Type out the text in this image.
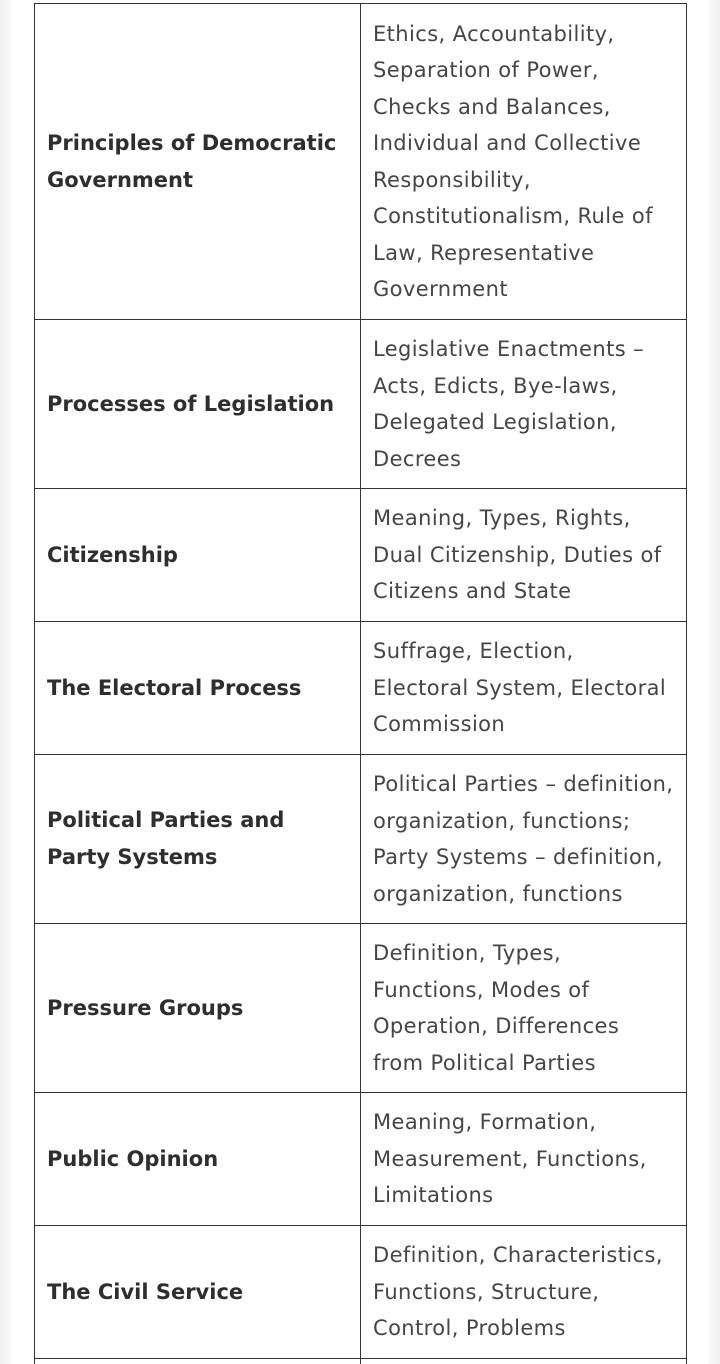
Principles of Democratic Government	Ethics, Accountability, Separation of Power, Checks and Balances, Individual and Collective Responsibility, Constitutionalism, Rule of Law, Representative Government

Processes of Legislation	Legislative Enactments – Acts, Edicts, Bye-laws, Delegated Legislation, Decrees

Citizenship	Meaning, Types, Rights, Dual Citizenship, Duties of Citizens and State

The Electoral Process	Suffrage, Election, Electoral System, Electoral Commission

Political Parties and Party Systems	Political Parties – definition, organization, functions; Party Systems – definition, organization, functions

Pressure Groups	Definition, Types, Functions, Modes of Operation, Differences from Political Parties

Public Opinion	Meaning, Formation, Measurement, Functions, Limitations

The Civil Service	Definition, Characteristics, Functions, Structure, Control, Problems
